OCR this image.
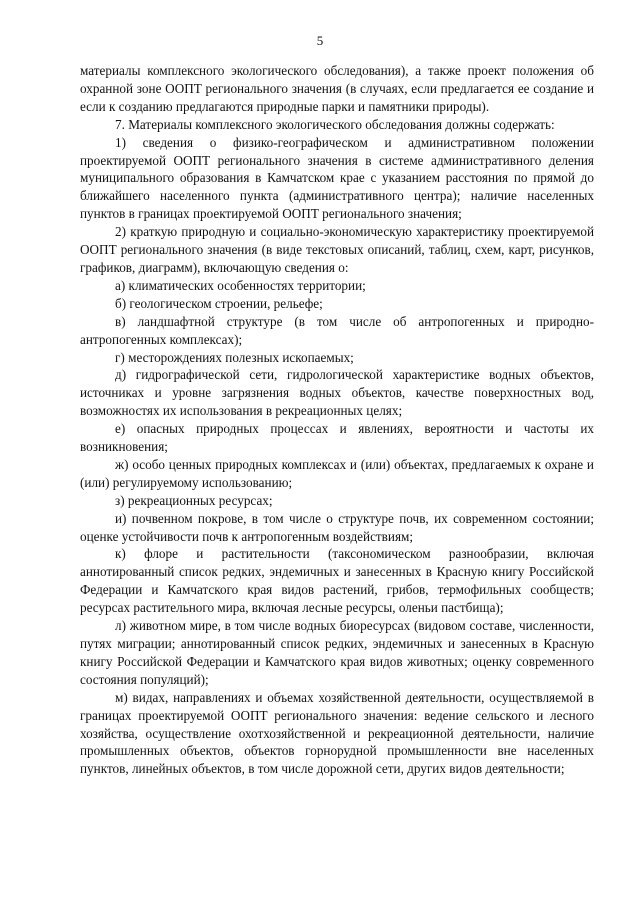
5

материалы комплексного экологического обследования), а также проект положения об охранной зоне ООПТ регионального значения (в случаях, если предлагается ее создание и если к созданию предлагаются природные парки и памятники природы).

7. Материалы комплексного экологического обследования должны содержать:

1) сведения о физико-географическом и административном положении проектируемой ООПТ регионального значения в системе административного деления муниципального образования в Камчатском крае с указанием расстояния по прямой до ближайшего населенного пункта (административного центра); наличие населенных пунктов в границах проектируемой ООПТ регионального значения;

2) краткую природную и социально-экономическую характеристику проектируемой ООПТ регионального значения (в виде текстовых описаний, таблиц, схем, карт, рисунков, графиков, диаграмм), включающую сведения о:

а) климатических особенностях территории;

б) геологическом строении, рельефе;

в) ландшафтной структуре (в том числе об антропогенных и природно-антропогенных комплексах);

г) месторождениях полезных ископаемых;

д) гидрографической сети, гидрологической характеристике водных объектов, источниках и уровне загрязнения водных объектов, качестве поверхностных вод, возможностях их использования в рекреационных целях;

е) опасных природных процессах и явлениях, вероятности и частоты их возникновения;

ж) особо ценных природных комплексах и (или) объектах, предлагаемых к охране и (или) регулируемому использованию;

з) рекреационных ресурсах;

и) почвенном покрове, в том числе о структуре почв, их современном состоянии; оценке устойчивости почв к антропогенным воздействиям;

к) флоре и растительности (таксономическом разнообразии, включая аннотированный список редких, эндемичных и занесенных в Красную книгу Российской Федерации и Камчатского края видов растений, грибов, термофильных сообществ; ресурсах растительного мира, включая лесные ресурсы, оленьи пастбища);

л) животном мире, в том числе водных биоресурсах (видовом составе, численности, путях миграции; аннотированный список редких, эндемичных и занесенных в Красную книгу Российской Федерации и Камчатского края видов животных; оценку современного состояния популяций);

м) видах, направлениях и объемах хозяйственной деятельности, осуществляемой в границах проектируемой ООПТ регионального значения: ведение сельского и лесного хозяйства, осуществление охотхозяйственной и рекреационной деятельности, наличие промышленных объектов, объектов горнорудной промышленности вне населенных пунктов, линейных объектов, в том числе дорожной сети, других видов деятельности;
